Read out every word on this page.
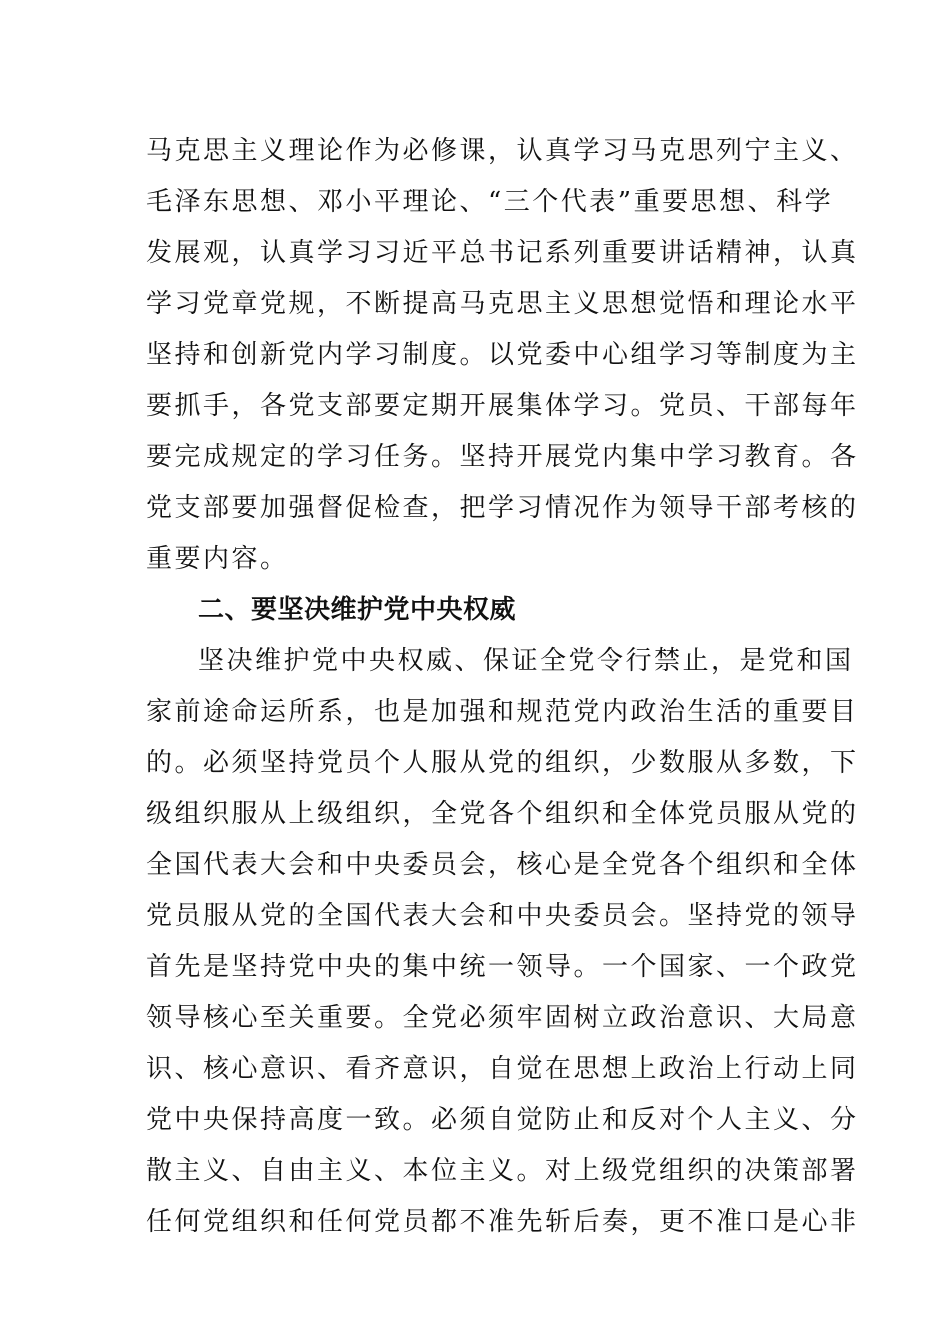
马克思主义理论作为必修课，认真学习马克思列宁主义、
毛泽东思想、邓小平理论、“三个代表”重要思想、科学
发展观，认真学习习近平总书记系列重要讲话精神，认真
学习党章党规，不断提高马克思主义思想觉悟和理论水平
坚持和创新党内学习制度。以党委中心组学习等制度为主
要抓手，各党支部要定期开展集体学习。党员、干部每年
要完成规定的学习任务。坚持开展党内集中学习教育。各
党支部要加强督促检查，把学习情况作为领导干部考核的
重要内容。
二、要坚决维护党中央权威
坚决维护党中央权威、保证全党令行禁止，是党和国
家前途命运所系，也是加强和规范党内政治生活的重要目
的。必须坚持党员个人服从党的组织，少数服从多数，下
级组织服从上级组织，全党各个组织和全体党员服从党的
全国代表大会和中央委员会，核心是全党各个组织和全体
党员服从党的全国代表大会和中央委员会。坚持党的领导
首先是坚持党中央的集中统一领导。一个国家、一个政党
领导核心至关重要。全党必须牢固树立政治意识、大局意
识、核心意识、看齐意识，自觉在思想上政治上行动上同
党中央保持高度一致。必须自觉防止和反对个人主义、分
散主义、自由主义、本位主义。对上级党组织的决策部署
任何党组织和任何党员都不准先斩后奏，更不准口是心非
